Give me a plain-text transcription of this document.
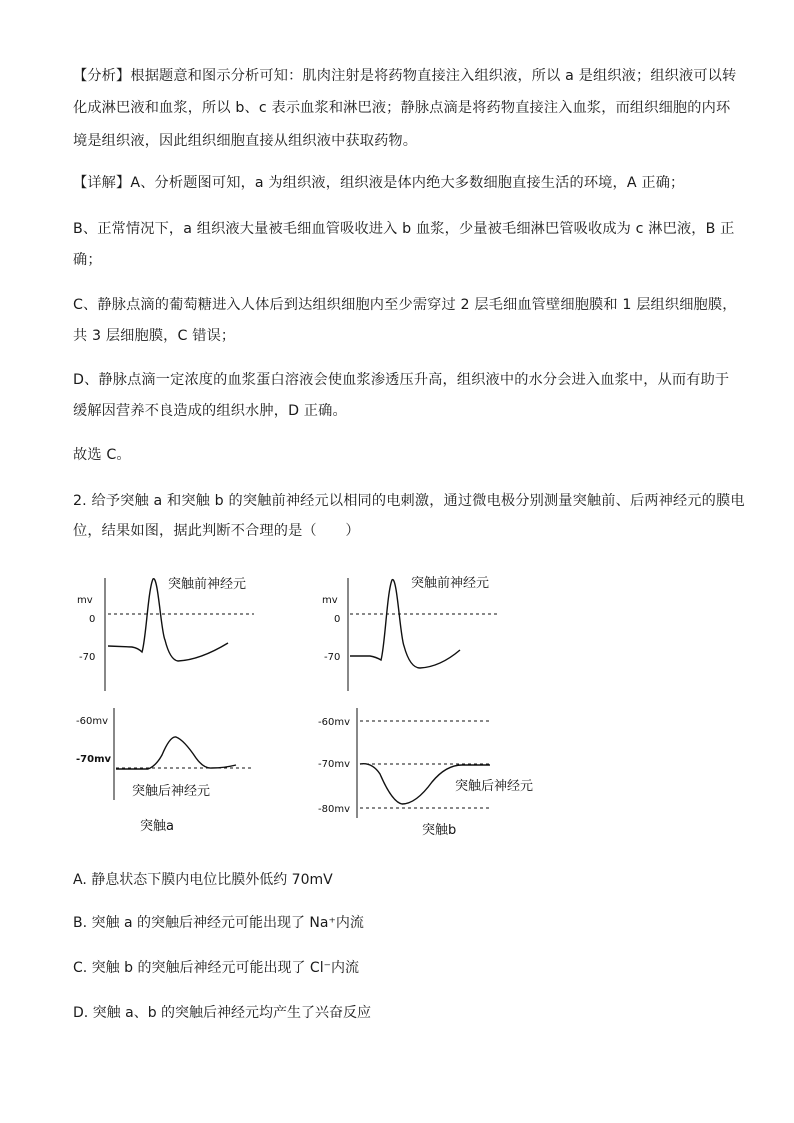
【分析】根据题意和图示分析可知：肌肉注射是将药物直接注入组织液，所以 a 是组织液；组织液可以转
化成淋巴液和血浆，所以 b、c 表示血浆和淋巴液；静脉点滴是将药物直接注入血浆，而组织细胞的内环
境是组织液，因此组织细胞直接从组织液中获取药物。
【详解】A、分析题图可知，a 为组织液，组织液是体内绝大多数细胞直接生活的环境，A 正确；
B、正常情况下，a 组织液大量被毛细血管吸收进入 b 血浆，少量被毛细淋巴管吸收成为 c 淋巴液，B 正
确；
C、静脉点滴的葡萄糖进入人体后到达组织细胞内至少需穿过 2 层毛细血管壁细胞膜和 1 层组织细胞膜，
共 3 层细胞膜，C 错误；
D、静脉点滴一定浓度的血浆蛋白溶液会使血浆渗透压升高，组织液中的水分会进入血浆中，从而有助于
缓解因营养不良造成的组织水肿，D 正确。
故选 C。
2. 给予突触 a 和突触 b 的突触前神经元以相同的电刺激，通过微电极分别测量突触前、后两神经元的膜电
位，结果如图，据此判断不合理的是（　　）
mv
0
-70
突触前神经元
mv
0
-70
突触前神经元
-60mv
-70mv
突触后神经元
突触a
-60mv
-70mv
-80mv
突触后神经元
突触b
A. 静息状态下膜内电位比膜外低约 70mV
B. 突触 a 的突触后神经元可能出现了 Na⁺内流
C. 突触 b 的突触后神经元可能出现了 Cl⁻内流
D. 突触 a、b 的突触后神经元均产生了兴奋反应
